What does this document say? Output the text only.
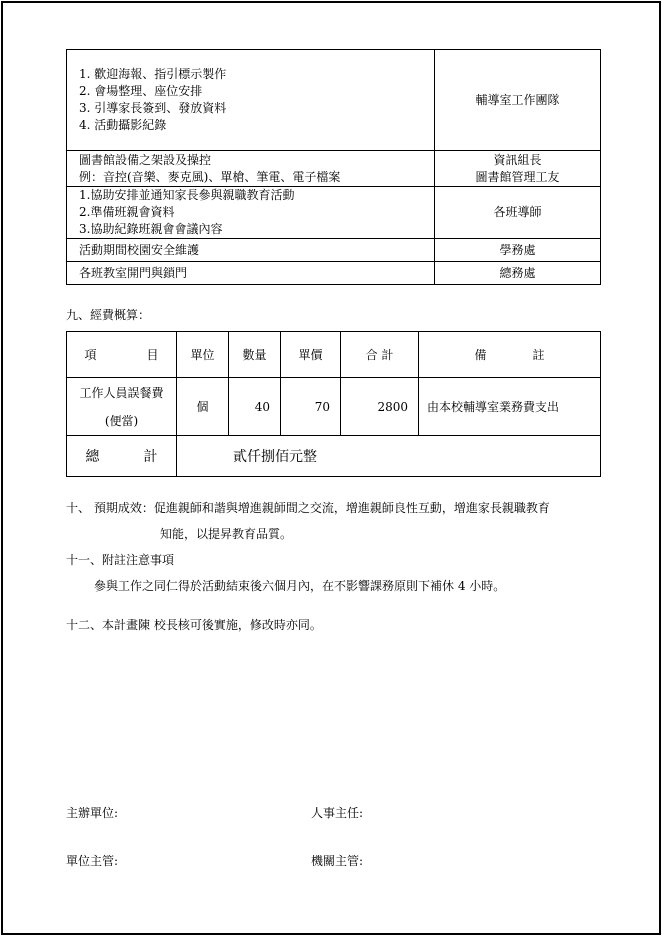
1. 歡迎海報、指引標示製作
2. 會場整理、座位安排
3. 引導家長簽到、發放資料
4. 活動攝影紀錄	輔導室工作團隊

圖書館設備之架設及操控
例：音控(音樂、麥克風)、單槍、筆電、電子檔案	資訊組長
圖書館管理工友

1.協助安排並通知家長參與親職教育活動
2.準備班親會資料
3.協助紀錄班親會會議內容	各班導師

活動期間校園安全維護	學務處

各班教室開門與鎖門	總務處
九、經費概算：
項 目	單位	數量	單價	合 計	備 註

工作人員誤餐費
(便當)	個	40	70	2800	由本校輔導室業務費支出
總 計	貳仟捌佰元整				
十、 預期成效：促進親師和諧與增進親師間之交流，增進親師良性互動，增進家長親職教育
知能，以提昇教育品質。
十一、附註注意事項
參與工作之同仁得於活動結束後六個月內，在不影響課務原則下補休 4 小時。
十二、本計畫陳 校長核可後實施，修改時亦同。
主辦單位:	人事主任:
單位主管:	機關主管:
